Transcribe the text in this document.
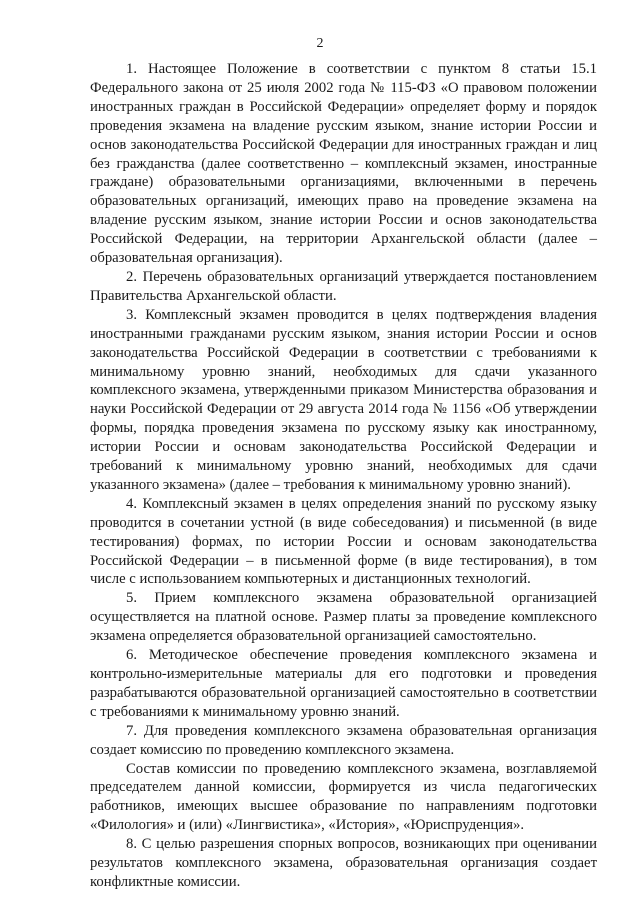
2

1. Настоящее Положение в соответствии с пунктом 8 статьи 15.1 Федерального закона от 25 июля 2002 года № 115-ФЗ «О правовом положении иностранных граждан в Российской Федерации» определяет форму и порядок проведения экзамена на владение русским языком, знание истории России и основ законодательства Российской Федерации для иностранных граждан и лиц без гражданства (далее соответственно – комплексный экзамен, иностранные граждане) образовательными организациями, включенными в перечень образовательных организаций, имеющих право на проведение экзамена на владение русским языком, знание истории России и основ законодательства Российской Федерации, на территории Архангельской области (далее – образовательная организация).

2. Перечень образовательных организаций утверждается постановлением Правительства Архангельской области.

3. Комплексный экзамен проводится в целях подтверждения владения иностранными гражданами русским языком, знания истории России и основ законодательства Российской Федерации в соответствии с требованиями к минимальному уровню знаний, необходимых для сдачи указанного комплексного экзамена, утвержденными приказом Министерства образования и науки Российской Федерации от 29 августа 2014 года № 1156 «Об утверждении формы, порядка проведения экзамена по русскому языку как иностранному, истории России и основам законодательства Российской Федерации и требований к минимальному уровню знаний, необходимых для сдачи указанного экзамена» (далее – требования к минимальному уровню знаний).

4. Комплексный экзамен в целях определения знаний по русскому языку проводится в сочетании устной (в виде собеседования) и письменной (в виде тестирования) формах, по истории России и основам законодательства Российской Федерации – в письменной форме (в виде тестирования), в том числе с использованием компьютерных и дистанционных технологий.

5. Прием комплексного экзамена образовательной организацией осуществляется на платной основе. Размер платы за проведение комплексного экзамена определяется образовательной организацией самостоятельно.

6. Методическое обеспечение проведения комплексного экзамена и контрольно-измерительные материалы для его подготовки и проведения разрабатываются образовательной организацией самостоятельно в соответствии с требованиями к минимальному уровню знаний.

7. Для проведения комплексного экзамена образовательная организация создает комиссию по проведению комплексного экзамена.

Состав комиссии по проведению комплексного экзамена, возглавляемой председателем данной комиссии, формируется из числа педагогических работников, имеющих высшее образование по направлениям подготовки «Филология» и (или) «Лингвистика», «История», «Юриспруденция».

8. С целью разрешения спорных вопросов, возникающих при оценивании результатов комплексного экзамена, образовательная организация создает конфликтные комиссии.
